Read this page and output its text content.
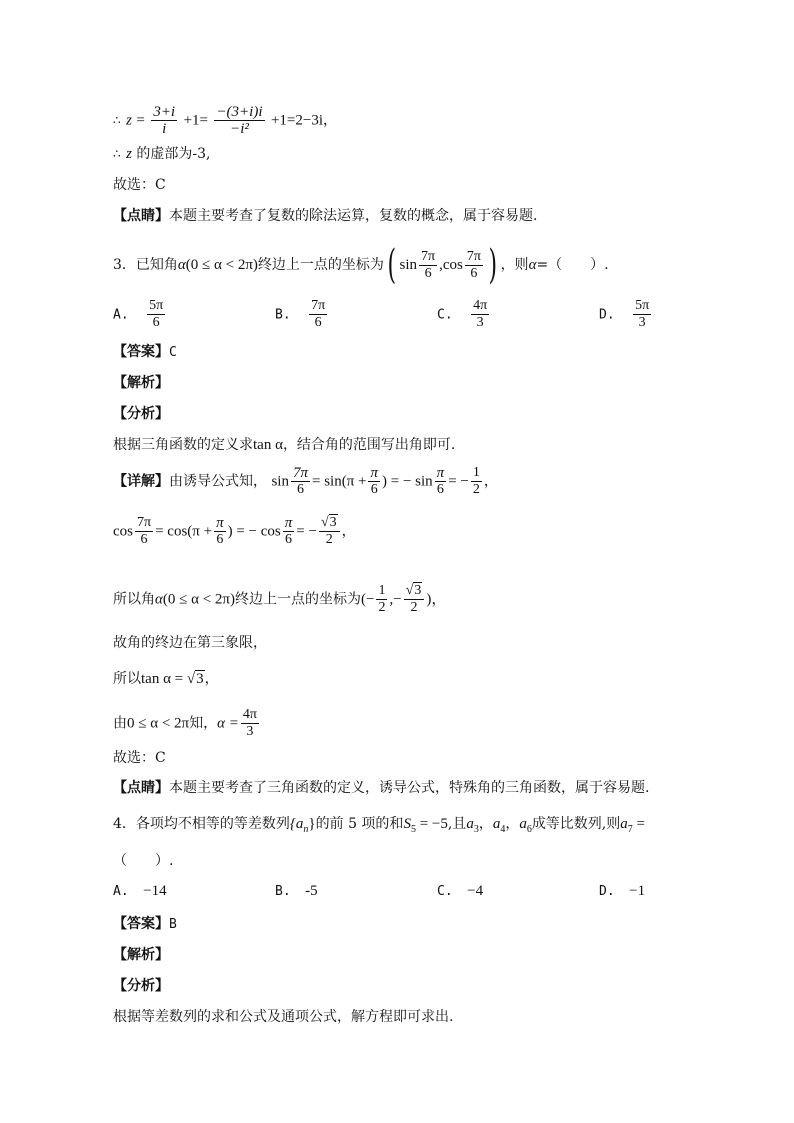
∴ $z = \frac{3+i}{i} +1= \frac{-(3+i)i}{\text{−i²}} +1=2-3i$，
∴ z 的虚部为-3,
故选：C
【点睛】本题主要考查了复数的除法运算，复数的概念，属于容易题.
3．已知角α(0 ≤ α < 2π)终边上一点的坐标为( $\sin \frac{7\pi}{6} ,\cos \frac{7\pi}{6}$ ) ，则α=（　　）.
A. $\frac{5\pi}{6}$	B. $\frac{7\pi}{6}$	C. $\frac{4\pi}{3}$	D. $\frac{5\pi}{3}$
【答案】C
【解析】
【分析】
根据三角函数的定义求tan α，结合角的范围写出角即可.
【详解】由诱导公式知， $\sin \frac{7\pi}{6} = \sin(\pi + \frac{\pi}{6}$ ) = − $\sin \frac{\pi}{6}$ = − $\frac{1}{2}$ ，
$\cos \frac{7\pi}{6} = \cos(\pi + \frac{\pi}{6}$ ) = − $\cos \frac{\pi}{6}$ = − $\frac{√3}{2}$ ，
所以角α(0 ≤ α < 2π)终边上一点的坐标为(− $\frac{1}{2}$ ,− $\frac{√3}{2}$ )，
故角的终边在第三象限，
所以tan α = √3，
由0 ≤ α < 2π知，$\alpha = \frac{4\pi}{3}$
故选：C
【点睛】本题主要考查了三角函数的定义，诱导公式，特殊角的三角函数，属于容易题.
4．各项均不相等的等差数列$\{a_n\}$的前 5 项的和$S_5 = -5$,且$a_3$，$a_4$，$a_6$成等比数列,则$a_7$ =
（　　）.
A. −14	B. -5	C. −4	D. −1
【答案】B
【解析】
【分析】
根据等差数列的求和公式及通项公式，解方程即可求出.
